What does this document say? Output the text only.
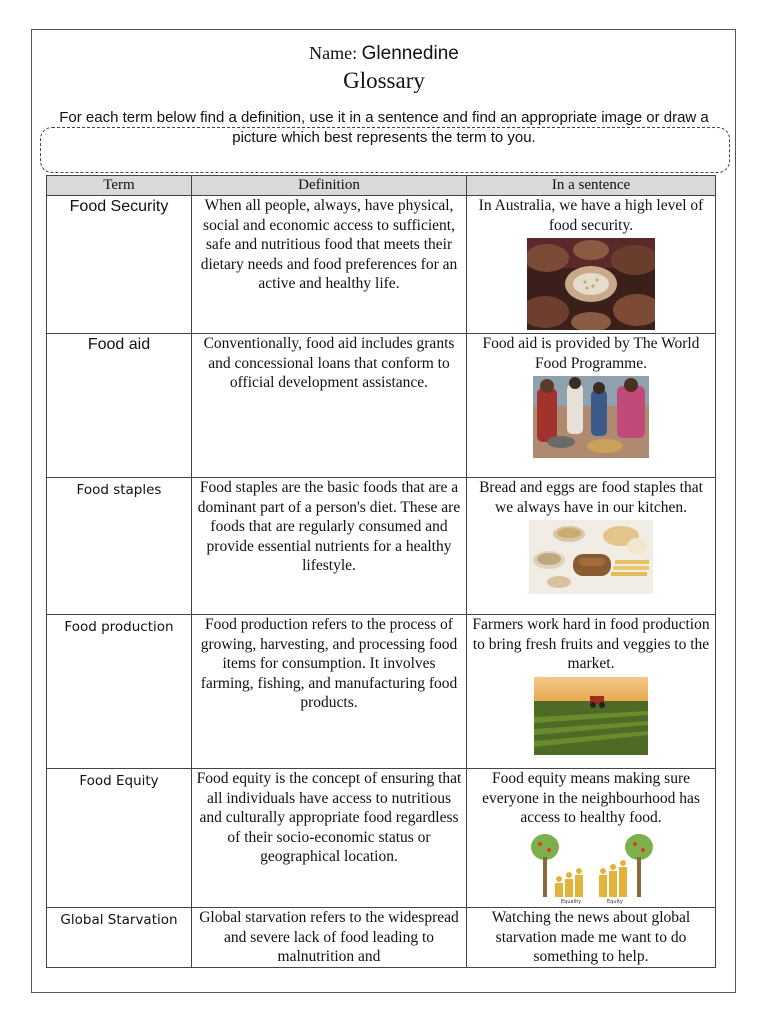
Name: Glennedine
Glossary
For each term below find a definition, use it in a sentence and find an appropriate image or draw a picture which best represents the term to you.
Term	Definition	In a sentence

Food Security	When all people, always, have physical, social and economic access to sufficient, safe and nutritious food that meets their dietary needs and food preferences for an active and healthy life.	In Australia, we have a high level of food security.

Food aid	Conventionally, food aid includes grants and concessional loans that conform to official development assistance.	Food aid is provided by The World Food Programme.

Food staples	Food staples are the basic foods that are a dominant part of a person's diet. These are foods that are regularly consumed and provide essential nutrients for a healthy lifestyle.	Bread and eggs are food staples that we always have in our kitchen.

Food production	Food production refers to the process of growing, harvesting, and processing food items for consumption. It involves farming, fishing, and manufacturing food products.	Farmers work hard in food production to bring fresh fruits and veggies to the market.

Food Equity	Food equity is the concept of ensuring that all individuals have access to nutritious and culturally appropriate food regardless of their socio-economic status or geographical location.	Food equity means making sure everyone in the neighbourhood has access to healthy food.
Equality Equity

Global Starvation	Global starvation refers to the widespread and severe lack of food leading to malnutrition and	Watching the news about global starvation made me want to do something to help.
